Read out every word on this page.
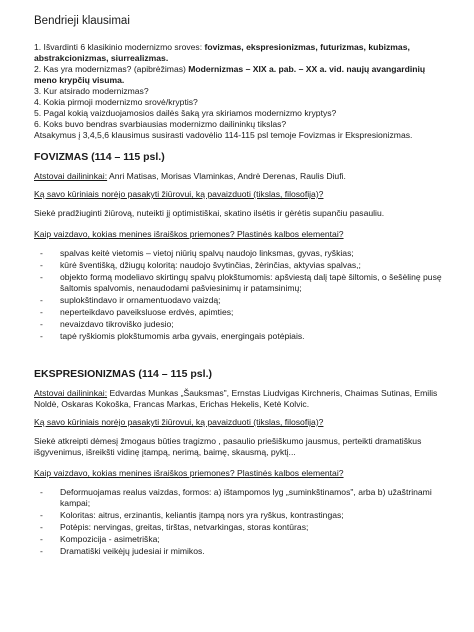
Bendrieji klausimai
1. Išvardinti 6 klasikinio modernizmo sroves: fovizmas, ekspresionizmas, futurizmas, kubizmas, abstrakcionizmas, siurrealizmas.
2. Kas yra modernizmas? (apibrėžimas) Modernizmas – XIX a. pab. – XX a. vid. naujų avangardinių meno krypčių visuma.
3. Kur atsirado modernizmas?
4. Kokia pirmoji modernizmo srovė/kryptis?
5. Pagal kokią vaizduojamosios dailės šaką yra skiriamos modernizmo kryptys?
6. Koks buvo bendras svarbiausias modernizmo dailininkų tikslas?
Atsakymus į 3,4,5,6 klausimus susirasti vadovėlio 114-115 psl temoje Fovizmas ir Ekspresionizmas.
FOVIZMAS (114 – 115 psl.)
Atstovai dailininkai: Anri Matisas, Morisas Vlaminkas, Andrė Derenas, Raulis Diufi.
Ką savo kūriniais norėjo pasakyti žiūrovui, ką pavaizduoti (tikslas, filosofija)?
Siekė pradžiuginti žiūrovą, nuteikti jį optimistiškai, skatino ilsėtis ir gėrėtis supančiu pasauliu.
Kaip vaizdavo, kokias menines išraiškos priemones? Plastinės kalbos elementai?
- spalvas keitė vietomis – vietoj niūrių spalvų naudojo linksmas, gyvas, ryškias;
- kūrė šventišką, džiugų koloritą: naudojo švytinčias, žėrinčias, aktyvias spalvas,;
- objekto formą modeliavo skirtingų spalvų plokštumomis: apšviestą dalį tapė šiltomis, o šešėlinę pusę šaltomis spalvomis, nenaudodami pašviesinimų ir patamsinimų;
- suplokštindavo ir ornamentuodavo vaizdą;
- neperteikdavo paveiksluose erdvės, apimties;
- nevaizdavo tikroviško judesio;
- tapė ryškiomis plokštumomis arba gyvais, energingais potėpiais.
EKSPRESIONIZMAS (114 – 115 psl.)
Atstovai dailininkai: Edvardas Munkas „Šauksmas", Ernstas Liudvigas Kirchneris, Chaimas Sutinas, Emilis Noldė, Oskaras Kokoška, Francas Markas, Erichas Hekelis, Ketė Kolvic.
Ką savo kūriniais norėjo pasakyti žiūrovui, ką pavaizduoti (tikslas, filosofija)?
Siekė atkreipti dėmesį žmogaus būties tragizmo , pasaulio priešiškumo jausmus, perteikti dramatiškus išgyvenimus, išreikšti vidinę įtampą, nerimą, baimę, skausmą, pyktį...
Kaip vaizdavo, kokias menines išraiškos priemones? Plastinės kalbos elementai?
- Deformuojamas realus vaizdas, formos: a) ištampomos lyg „suminkštinamos", arba b) užaštrinami kampai;
- Koloritas: aitrus, erzinantis, keliantis įtampą nors yra ryškus, kontrastingas;
- Potėpis: nervingas, greitas, tirštas, netvarkingas, storas kontūras;
- Kompozicija - asimetriška;
- Dramatiški veikėjų judesiai ir mimikos.
